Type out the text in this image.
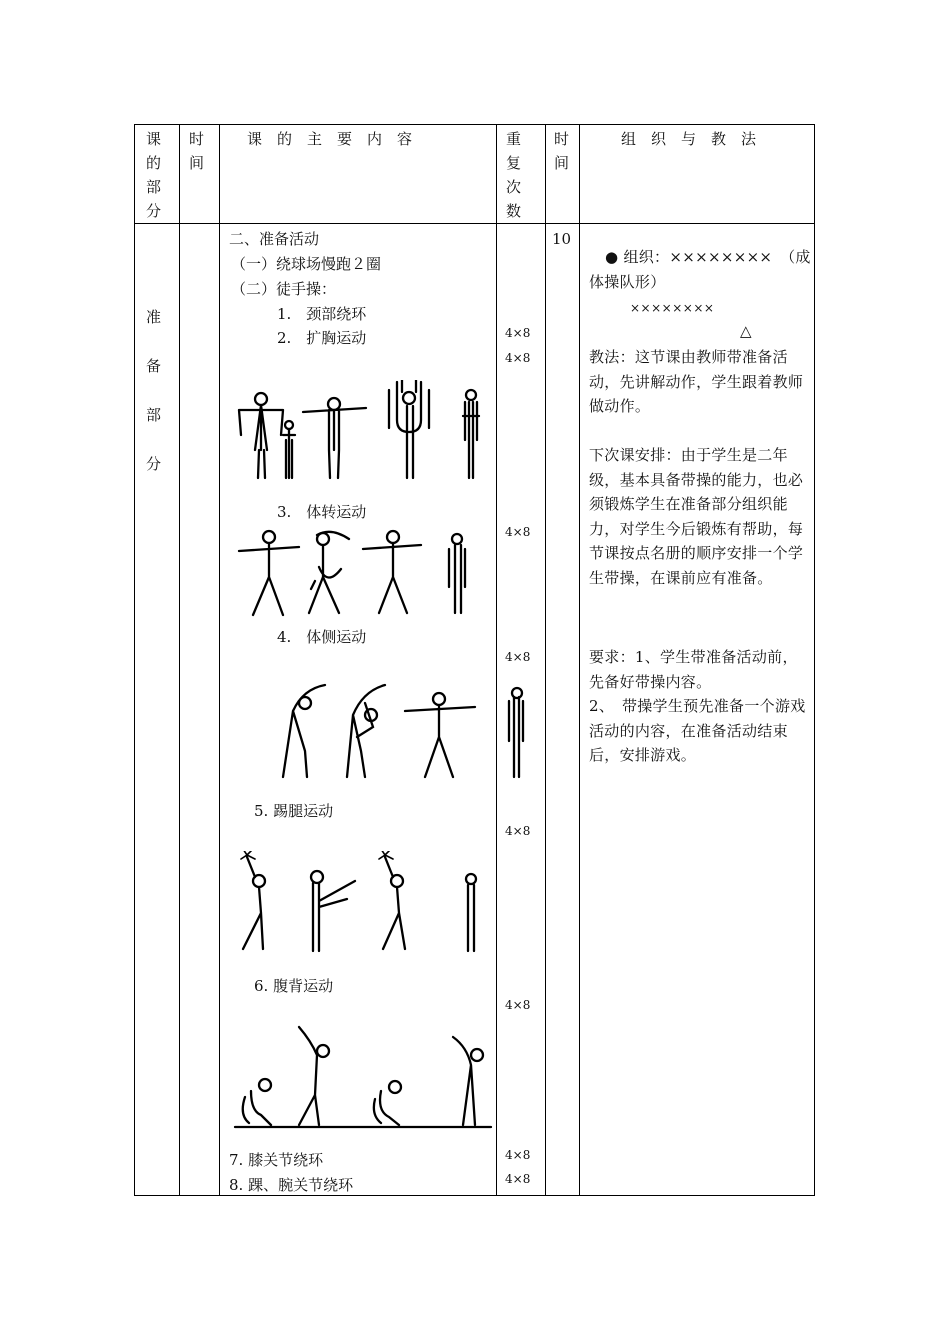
课
的
部
分
时
间
课　的　主　要　内　容	重
复
次
数
时
间
组　织　与　教　法
准
备
部
分
10
二、准备活动
（一）绕球场慢跑２圈
（二）徒手操：
1.　颈部绕环
2.　扩胸运动
3.　体转运动
4.　体侧运动
5. 踢腿运动
6. 腹背运动
7. 膝关节绕环
8. 踝、腕关节绕环
4×8
4×8
4×8
4×8
4×8
4×8
4×8
4×8
● 组织：××××××××　（成体操队形）
××××××××
△
教法：这节课由教师带准备活动，先讲解动作，学生跟着教师做动作。
下次课安排：由于学生是二年级，基本具备带操的能力，也必须锻炼学生在准备部分组织能力，对学生今后锻炼有帮助，每节课按点名册的顺序安排一个学生带操，在课前应有准备。
要求：1、学生带准备活动前，先备好带操内容。
2、　带操学生预先准备一个游戏活动的内容，在准备活动结束后，安排游戏。
